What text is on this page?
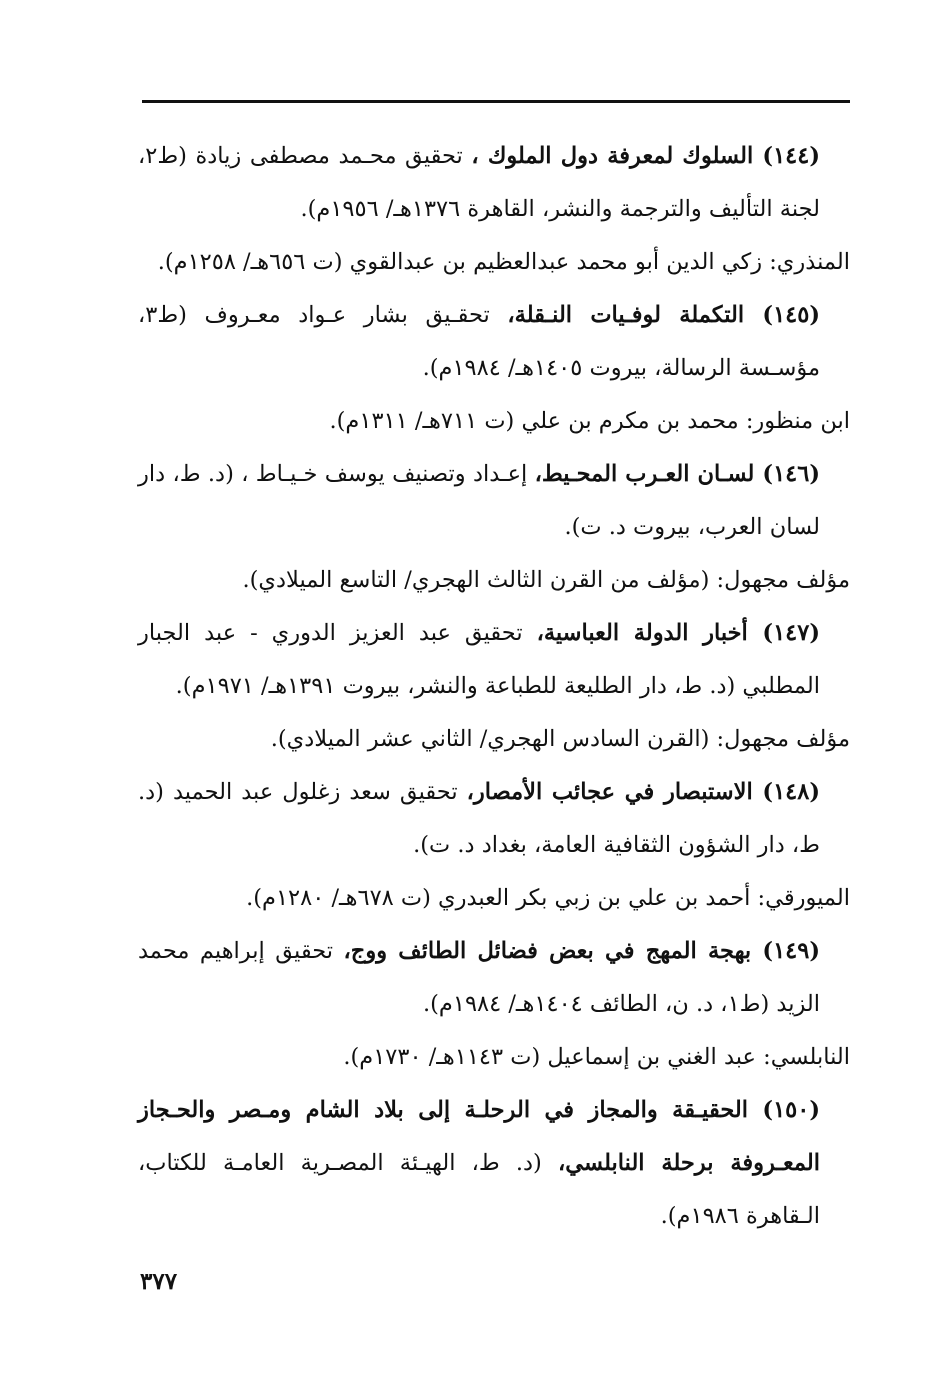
(١٤٤) السلوك لمعرفة دول الملوك ، تحقيق محـمد مصطفى زيادة (ط٢، لجنة التأليف والترجمة والنشر، القاهرة ١٣٧٦هـ/ ١٩٥٦م).

المنذري: زكي الدين أبو محمد عبدالعظيم بن عبدالقوي (ت ٦٥٦هـ/ ١٢٥٨م).

(١٤٥) التكملة لوفـيات النـقلة، تحقـيق بشار عـواد معـروف (ط٣، مؤسـسة الرسالة، بيروت ١٤٠٥هـ/ ١٩٨٤م).

ابن منظور: محمد بن مكرم بن علي (ت ٧١١هـ/ ١٣١١م).

(١٤٦) لسـان العـرب المحـيط، إعـداد وتصنيف يوسف خـيـاط ، (د. ط، دار لسان العرب، بيروت د. ت).

مؤلف مجهول: (مؤلف من القرن الثالث الهجري/ التاسع الميلادي).

(١٤٧) أخبار الدولة العباسية، تحقيق عبد العزيز الدوري - عبد الجبار المطلبي (د. ط، دار الطليعة للطباعة والنشر، بيروت ١٣٩١هـ/ ١٩٧١م).

مؤلف مجهول: (القرن السادس الهجري/ الثاني عشر الميلادي).

(١٤٨) الاستبصار في عجائب الأمصار، تحقيق سعد زغلول عبد الحميد (د. ط، دار الشؤون الثقافية العامة، بغداد د. ت).

الميورقي: أحمد بن علي بن زبي بكر العبدري (ت ٦٧٨هـ/ ١٢٨٠م).

(١٤٩) بهجة المهج في بعض فضائل الطائف ووج، تحقيق إبراهيم محمد الزيد (ط١، د. ن، الطائف ١٤٠٤هـ/ ١٩٨٤م).

النابلسي: عبد الغني بن إسماعيل (ت ١١٤٣هـ/ ١٧٣٠م).

(١٥٠) الحقيـقة والمجاز في الرحلـة إلى بلاد الشام ومـصر والحـجاز المعـروفة برحلة النابلسي، (د. ط، الهيـئة المصـرية العامـة للكتاب، الـقاهرة ١٩٨٦م).

٣٧٧
